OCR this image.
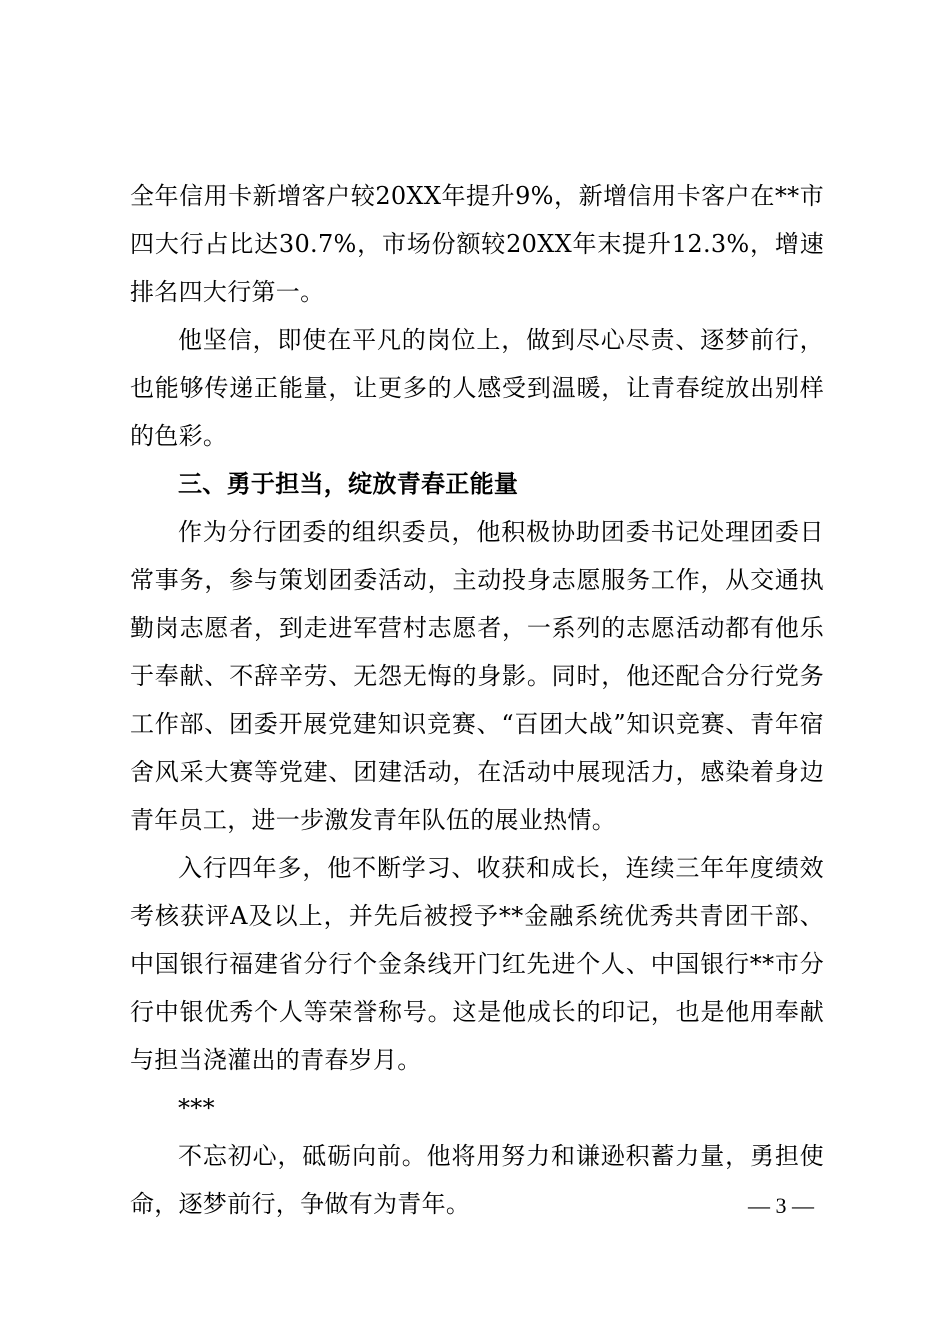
全年信用卡新增客户较20XX年提升9%，新增信用卡客户在**市四大行占比达30.7%，市场份额较20XX年末提升12.3%，增速排名四大行第一。

他坚信，即使在平凡的岗位上，做到尽心尽责、逐梦前行，也能够传递正能量，让更多的人感受到温暖，让青春绽放出别样的色彩。

三、勇于担当，绽放青春正能量

作为分行团委的组织委员，他积极协助团委书记处理团委日常事务，参与策划团委活动，主动投身志愿服务工作，从交通执勤岗志愿者，到走进军营村志愿者，一系列的志愿活动都有他乐于奉献、不辞辛劳、无怨无悔的身影。同时，他还配合分行党务工作部、团委开展党建知识竞赛、“百团大战”知识竞赛、青年宿舍风采大赛等党建、团建活动，在活动中展现活力，感染着身边青年员工，进一步激发青年队伍的展业热情。

入行四年多，他不断学习、收获和成长，连续三年年度绩效考核获评A及以上，并先后被授予**金融系统优秀共青团干部、中国银行福建省分行个金条线开门红先进个人、中国银行**市分行中银优秀个人等荣誉称号。这是他成长的印记，也是他用奉献与担当浇灌出的青春岁月。

***

不忘初心，砥砺向前。他将用努力和谦逊积蓄力量，勇担使命，逐梦前行，争做有为青年。	— 3 —
